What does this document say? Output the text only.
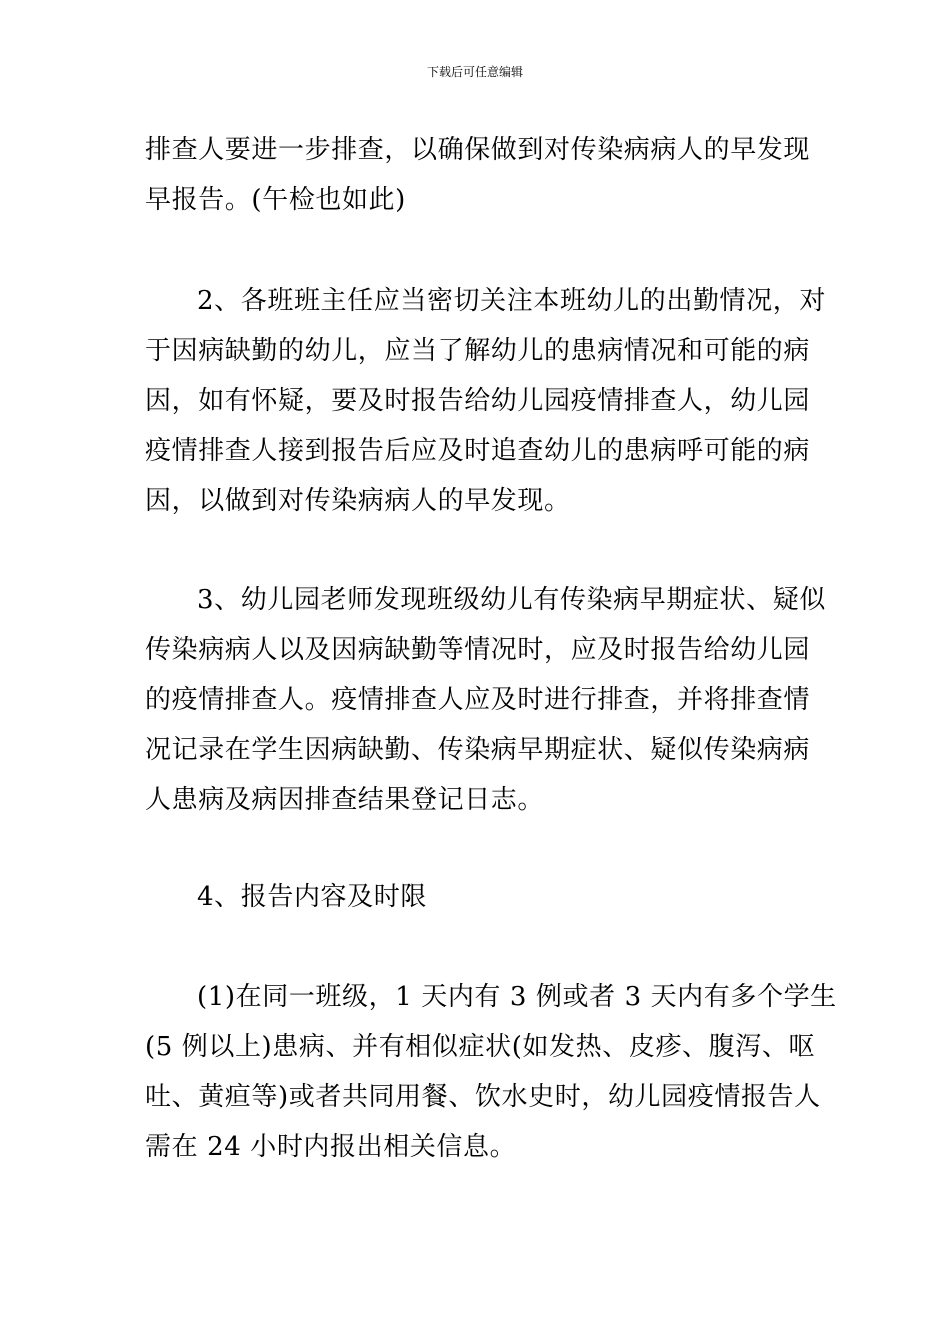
下载后可任意编辑
排查人要进一步排查，以确保做到对传染病病人的早发现
早报告。(午检也如此)
2、各班班主任应当密切关注本班幼儿的出勤情况，对
于因病缺勤的幼儿，应当了解幼儿的患病情况和可能的病
因，如有怀疑，要及时报告给幼儿园疫情排查人，幼儿园
疫情排查人接到报告后应及时追查幼儿的患病呼可能的病
因，以做到对传染病病人的早发现。
3、幼儿园老师发现班级幼儿有传染病早期症状、疑似
传染病病人以及因病缺勤等情况时，应及时报告给幼儿园
的疫情排查人。疫情排查人应及时进行排查，并将排查情
况记录在学生因病缺勤、传染病早期症状、疑似传染病病
人患病及病因排查结果登记日志。
4、报告内容及时限
(1)在同一班级，1 天内有 3 例或者 3 天内有多个学生
(5 例以上)患病、并有相似症状(如发热、皮疹、腹泻、呕
吐、黄疸等)或者共同用餐、饮水史时，幼儿园疫情报告人
需在 24 小时内报出相关信息。
